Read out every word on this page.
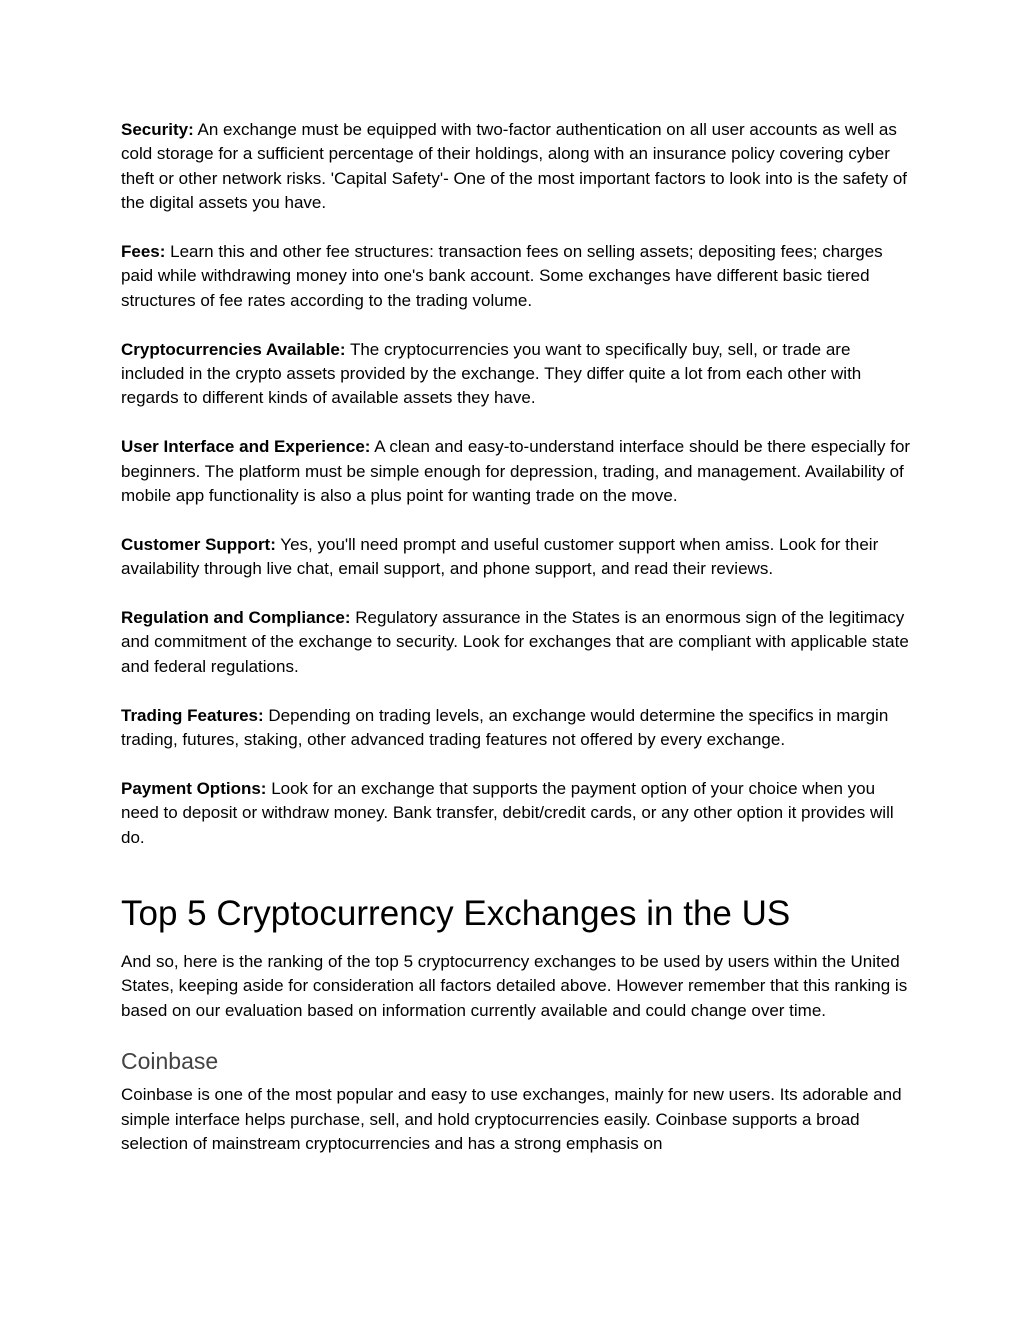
Security: An exchange must be equipped with two-factor authentication on all user accounts as well as cold storage for a sufficient percentage of their holdings, along with an insurance policy covering cyber theft or other network risks. 'Capital Safety'- One of the most important factors to look into is the safety of the digital assets you have.

Fees: Learn this and other fee structures: transaction fees on selling assets; depositing fees; charges paid while withdrawing money into one's bank account. Some exchanges have different basic tiered structures of fee rates according to the trading volume.

Cryptocurrencies Available: The cryptocurrencies you want to specifically buy, sell, or trade are included in the crypto assets provided by the exchange. They differ quite a lot from each other with regards to different kinds of available assets they have.

User Interface and Experience: A clean and easy-to-understand interface should be there especially for beginners. The platform must be simple enough for depression, trading, and management. Availability of mobile app functionality is also a plus point for wanting trade on the move.

Customer Support: Yes, you'll need prompt and useful customer support when amiss. Look for their availability through live chat, email support, and phone support, and read their reviews.

Regulation and Compliance: Regulatory assurance in the States is an enormous sign of the legitimacy and commitment of the exchange to security. Look for exchanges that are compliant with applicable state and federal regulations.

Trading Features: Depending on trading levels, an exchange would determine the specifics in margin trading, futures, staking, other advanced trading features not offered by every exchange.

Payment Options: Look for an exchange that supports the payment option of your choice when you need to deposit or withdraw money. Bank transfer, debit/credit cards, or any other option it provides will do.

Top 5 Cryptocurrency Exchanges in the US

And so, here is the ranking of the top 5 cryptocurrency exchanges to be used by users within the United States, keeping aside for consideration all factors detailed above. However remember that this ranking is based on our evaluation based on information currently available and could change over time.

Coinbase

Coinbase is one of the most popular and easy to use exchanges, mainly for new users. Its adorable and simple interface helps purchase, sell, and hold cryptocurrencies easily. Coinbase supports a broad selection of mainstream cryptocurrencies and has a strong emphasis on
